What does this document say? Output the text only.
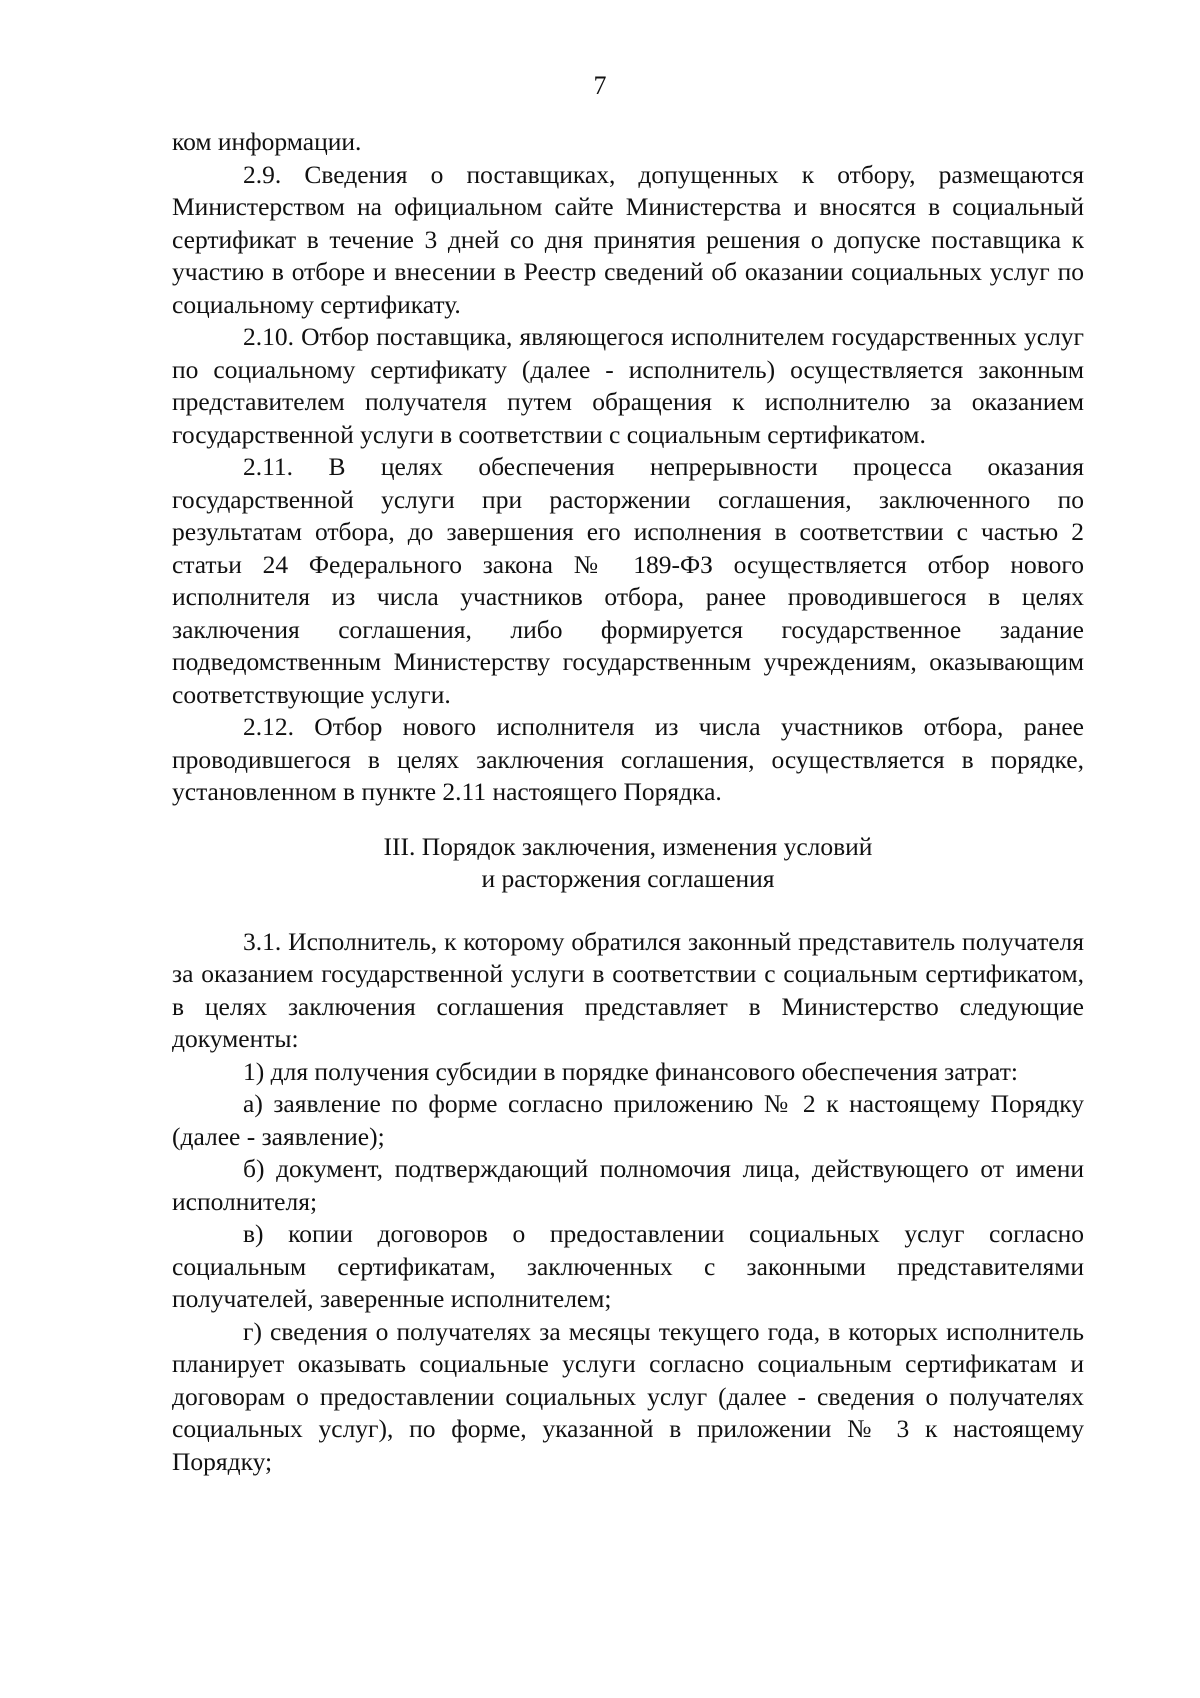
7

ком информации.

2.9. Сведения о поставщиках, допущенных к отбору, размещаются Министерством на официальном сайте Министерства и вносятся в социальный сертификат в течение 3 дней со дня принятия решения о допуске поставщика к участию в отборе и внесении в Реестр сведений об оказании социальных услуг по социальному сертификату.

2.10. Отбор поставщика, являющегося исполнителем государственных услуг по социальному сертификату (далее - исполнитель) осуществляется законным представителем получателя путем обращения к исполнителю за оказанием государственной услуги в соответствии с социальным сертификатом.

2.11. В целях обеспечения непрерывности процесса оказания государственной услуги при расторжении соглашения, заключенного по результатам отбора, до завершения его исполнения в соответствии с частью 2 статьи 24 Федерального закона № 189-ФЗ осуществляется отбор нового исполнителя из числа участников отбора, ранее проводившегося в целях заключения соглашения, либо формируется государственное задание подведомственным Министерству государственным учреждениям, оказывающим соответствующие услуги.

2.12. Отбор нового исполнителя из числа участников отбора, ранее проводившегося в целях заключения соглашения, осуществляется в порядке, установленном в пункте 2.11 настоящего Порядка.

III. Порядок заключения, изменения условий
и расторжения соглашения

3.1. Исполнитель, к которому обратился законный представитель получателя за оказанием государственной услуги в соответствии с социальным сертификатом, в целях заключения соглашения представляет в Министерство следующие документы:

1) для получения субсидии в порядке финансового обеспечения затрат:

а) заявление по форме согласно приложению № 2 к настоящему Порядку (далее - заявление);

б) документ, подтверждающий полномочия лица, действующего от имени исполнителя;

в) копии договоров о предоставлении социальных услуг согласно социальным сертификатам, заключенных с законными представителями получателей, заверенные исполнителем;

г) сведения о получателях за месяцы текущего года, в которых исполнитель планирует оказывать социальные услуги согласно социальным сертификатам и договорам о предоставлении социальных услуг (далее - сведения о получателях социальных услуг), по форме, указанной в приложении № 3 к настоящему Порядку;
